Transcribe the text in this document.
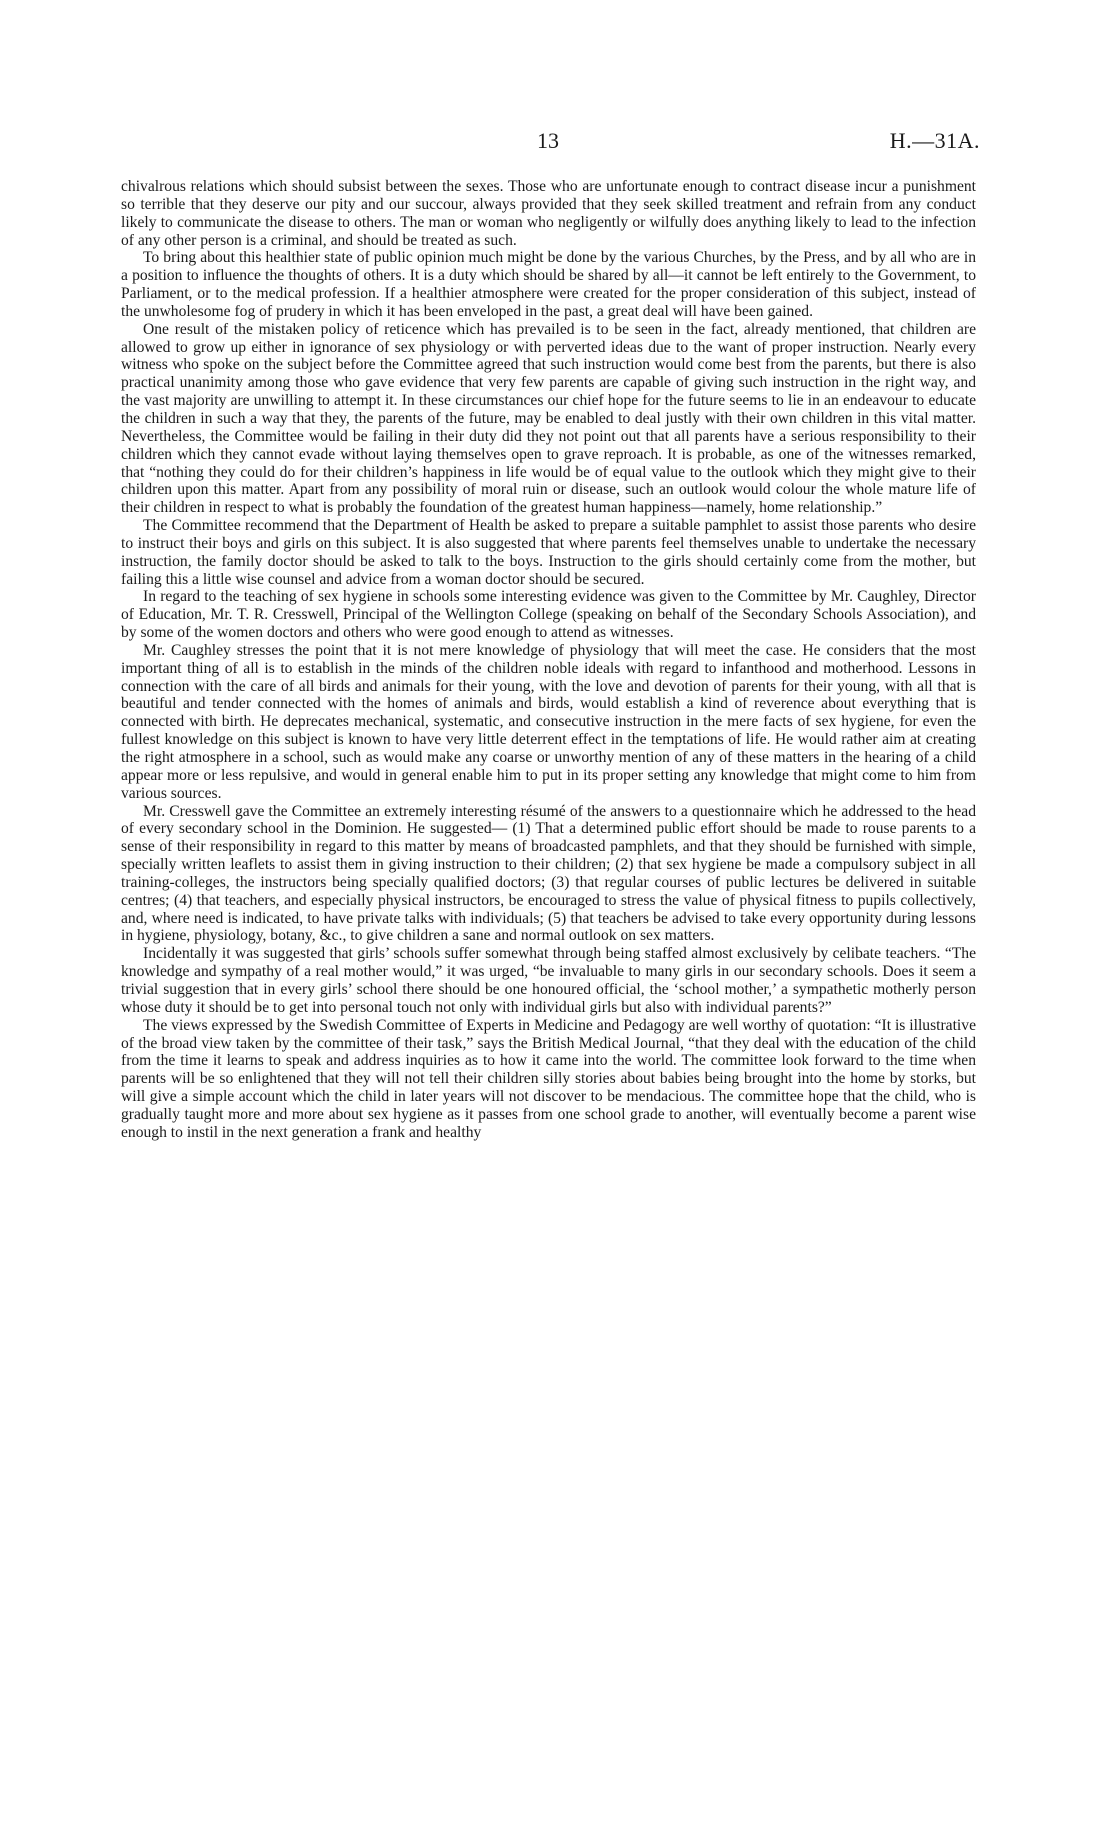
13	H.—31A.

chivalrous relations which should subsist between the sexes. Those who are unfortunate enough to contract disease incur a punishment so terrible that they deserve our pity and our succour, always provided that they seek skilled treatment and refrain from any conduct likely to communicate the disease to others. The man or woman who negligently or wilfully does anything likely to lead to the infection of any other person is a criminal, and should be treated as such.

To bring about this healthier state of public opinion much might be done by the various Churches, by the Press, and by all who are in a position to influence the thoughts of others. It is a duty which should be shared by all—it cannot be left entirely to the Government, to Parliament, or to the medical profession. If a healthier atmosphere were created for the proper consideration of this subject, instead of the unwholesome fog of prudery in which it has been enveloped in the past, a great deal will have been gained.

One result of the mistaken policy of reticence which has prevailed is to be seen in the fact, already mentioned, that children are allowed to grow up either in ignorance of sex physiology or with perverted ideas due to the want of proper instruction. Nearly every witness who spoke on the subject before the Committee agreed that such instruction would come best from the parents, but there is also practical unanimity among those who gave evidence that very few parents are capable of giving such instruction in the right way, and the vast majority are unwilling to attempt it. In these circumstances our chief hope for the future seems to lie in an endeavour to educate the children in such a way that they, the parents of the future, may be enabled to deal justly with their own children in this vital matter. Nevertheless, the Committee would be failing in their duty did they not point out that all parents have a serious responsibility to their children which they cannot evade without laying themselves open to grave reproach. It is probable, as one of the witnesses remarked, that “nothing they could do for their children’s happiness in life would be of equal value to the outlook which they might give to their children upon this matter. Apart from any possibility of moral ruin or disease, such an outlook would colour the whole mature life of their children in respect to what is probably the foundation of the greatest human happiness—namely, home relationship.”

The Committee recommend that the Department of Health be asked to prepare a suitable pamphlet to assist those parents who desire to instruct their boys and girls on this subject. It is also suggested that where parents feel themselves unable to undertake the necessary instruction, the family doctor should be asked to talk to the boys. Instruction to the girls should certainly come from the mother, but failing this a little wise counsel and advice from a woman doctor should be secured.

In regard to the teaching of sex hygiene in schools some interesting evidence was given to the Committee by Mr. Caughley, Director of Education, Mr. T. R. Cresswell, Principal of the Wellington College (speaking on behalf of the Secondary Schools Association), and by some of the women doctors and others who were good enough to attend as witnesses.

Mr. Caughley stresses the point that it is not mere knowledge of physiology that will meet the case. He considers that the most important thing of all is to establish in the minds of the children noble ideals with regard to infanthood and motherhood. Lessons in connection with the care of all birds and animals for their young, with the love and devotion of parents for their young, with all that is beautiful and tender connected with the homes of animals and birds, would establish a kind of reverence about everything that is connected with birth. He deprecates mechanical, systematic, and consecutive instruction in the mere facts of sex hygiene, for even the fullest knowledge on this subject is known to have very little deterrent effect in the temptations of life. He would rather aim at creating the right atmosphere in a school, such as would make any coarse or unworthy mention of any of these matters in the hearing of a child appear more or less repulsive, and would in general enable him to put in its proper setting any knowledge that might come to him from various sources.

Mr. Cresswell gave the Committee an extremely interesting résumé of the answers to a questionnaire which he addressed to the head of every secondary school in the Dominion. He suggested— (1) That a determined public effort should be made to rouse parents to a sense of their responsibility in regard to this matter by means of broadcasted pamphlets, and that they should be furnished with simple, specially written leaflets to assist them in giving instruction to their children; (2) that sex hygiene be made a compulsory subject in all training-colleges, the instructors being specially qualified doctors; (3) that regular courses of public lectures be delivered in suitable centres; (4) that teachers, and especially physical instructors, be encouraged to stress the value of physical fitness to pupils collectively, and, where need is indicated, to have private talks with individuals; (5) that teachers be advised to take every opportunity during lessons in hygiene, physiology, botany, &c., to give children a sane and normal outlook on sex matters.

Incidentally it was suggested that girls’ schools suffer somewhat through being staffed almost exclusively by celibate teachers. “The knowledge and sympathy of a real mother would,” it was urged, “be invaluable to many girls in our secondary schools. Does it seem a trivial suggestion that in every girls’ school there should be one honoured official, the ‘school mother,’ a sympathetic motherly person whose duty it should be to get into personal touch not only with individual girls but also with individual parents?”

The views expressed by the Swedish Committee of Experts in Medicine and Pedagogy are well worthy of quotation: “It is illustrative of the broad view taken by the committee of their task,” says the British Medical Journal, “that they deal with the education of the child from the time it learns to speak and address inquiries as to how it came into the world. The committee look forward to the time when parents will be so enlightened that they will not tell their children silly stories about babies being brought into the home by storks, but will give a simple account which the child in later years will not discover to be mendacious. The committee hope that the child, who is gradually taught more and more about sex hygiene as it passes from one school grade to another, will eventually become a parent wise enough to instil in the next generation a frank and healthy
